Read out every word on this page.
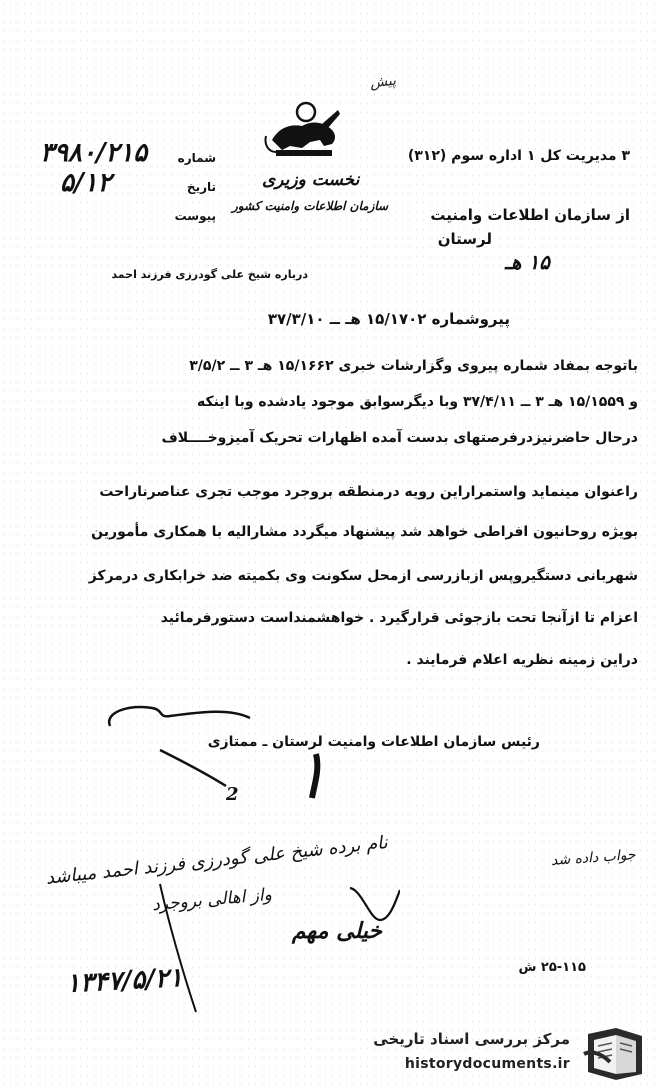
پیش
نخست وزیری
سازمان اطلاعات وامنیت کشور
شماره
تاریخ
پیوست
۳۹۸۰/۲۱۵
۵/۱۲
۳ مدیریت کل ۱ اداره سوم (۳۱۲)
از سازمان اطلاعات وامنیت
لرستان
۱۵ هـ
درباره شیخ علی گودرزی فرزند احمد
پیروشماره ۱۵/۱۷۰۲ هـ ــ ۳۷/۳/۱۰
باتوجه بمفاد شماره پیروی وگزارشات خبری ۱۵/۱۶۶۲ هـ ۳ ــ ۳/۵/۲
و ۱۵/۱۵۵۹ هـ ۳ ــ ۳۷/۴/۱۱ وبا دیگرسوابق موجود یادشده وبا اینکه
درحال حاضرنیزدرفرصتهای بدست آمده اظهارات تحریک آمیزوخــــلاف
راعنوان مینماید واستمراراین رویه درمنطقه بروجرد موجب تجری عناصرناراحت
بویژه روحانیون افراطی خواهد شد پیشنهاد میگردد مشارالیه با همکاری مأمورین
شهربانی دستگیروپس ازبازرسی ازمحل سکونت وی بکمیته ضد خرابکاری درمرکز
اعزام تا ازآنجا تحت بازجوئی قرارگیرد . خواهشمنداست دستورفرمائید
دراین زمینه نظریه اعلام فرمایند .
رئیس سازمان اطلاعات وامنیت لرستان ـ ممتازی
2
جواب داده شد
نام برده شیخ علی گودرزی فرزند احمد میباشد
واز اهالی بروجرد
خیلی مهم
۱۳۴۷/۵/۲۱	۲۵-۱۱۵ ش
مرکز بررسی اسناد تاریخی
historydocuments.ir
